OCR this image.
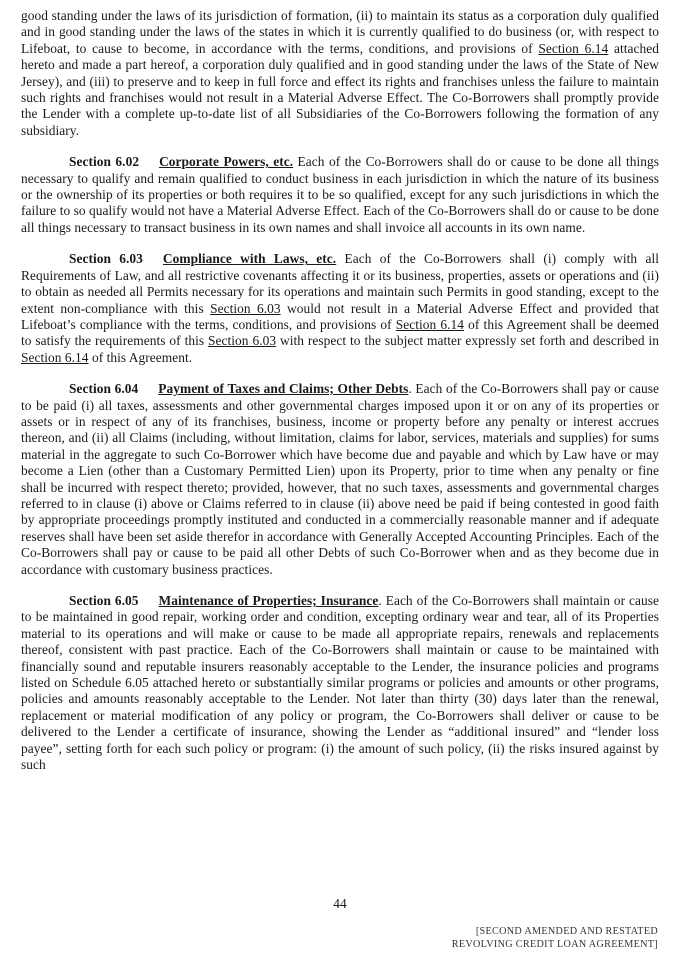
good standing under the laws of its jurisdiction of formation, (ii) to maintain its status as a corporation duly qualified and in good standing under the laws of the states in which it is currently qualified to do business (or, with respect to Lifeboat, to cause to become, in accordance with the terms, conditions, and provisions of Section 6.14 attached hereto and made a part hereof, a corporation duly qualified and in good standing under the laws of the State of New Jersey), and (iii) to preserve and to keep in full force and effect its rights and franchises unless the failure to maintain such rights and franchises would not result in a Material Adverse Effect. The Co-Borrowers shall promptly provide the Lender with a complete up-to-date list of all Subsidiaries of the Co-Borrowers following the formation of any subsidiary.

Section 6.02 Corporate Powers, etc. Each of the Co-Borrowers shall do or cause to be done all things necessary to qualify and remain qualified to conduct business in each jurisdiction in which the nature of its business or the ownership of its properties or both requires it to be so qualified, except for any such jurisdictions in which the failure to so qualify would not have a Material Adverse Effect. Each of the Co-Borrowers shall do or cause to be done all things necessary to transact business in its own names and shall invoice all accounts in its own name.

Section 6.03 Compliance with Laws, etc. Each of the Co-Borrowers shall (i) comply with all Requirements of Law, and all restrictive covenants affecting it or its business, properties, assets or operations and (ii) to obtain as needed all Permits necessary for its operations and maintain such Permits in good standing, except to the extent non-compliance with this Section 6.03 would not result in a Material Adverse Effect and provided that Lifeboat’s compliance with the terms, conditions, and provisions of Section 6.14 of this Agreement shall be deemed to satisfy the requirements of this Section 6.03 with respect to the subject matter expressly set forth and described in Section 6.14 of this Agreement.

Section 6.04 Payment of Taxes and Claims; Other Debts. Each of the Co-Borrowers shall pay or cause to be paid (i) all taxes, assessments and other governmental charges imposed upon it or on any of its properties or assets or in respect of any of its franchises, business, income or property before any penalty or interest accrues thereon, and (ii) all Claims (including, without limitation, claims for labor, services, materials and supplies) for sums material in the aggregate to such Co-Borrower which have become due and payable and which by Law have or may become a Lien (other than a Customary Permitted Lien) upon its Property, prior to time when any penalty or fine shall be incurred with respect thereto; provided, however, that no such taxes, assessments and governmental charges referred to in clause (i) above or Claims referred to in clause (ii) above need be paid if being contested in good faith by appropriate proceedings promptly instituted and conducted in a commercially reasonable manner and if adequate reserves shall have been set aside therefor in accordance with Generally Accepted Accounting Principles. Each of the Co-Borrowers shall pay or cause to be paid all other Debts of such Co-Borrower when and as they become due in accordance with customary business practices.

Section 6.05 Maintenance of Properties; Insurance. Each of the Co-Borrowers shall maintain or cause to be maintained in good repair, working order and condition, excepting ordinary wear and tear, all of its Properties material to its operations and will make or cause to be made all appropriate repairs, renewals and replacements thereof, consistent with past practice. Each of the Co-Borrowers shall maintain or cause to be maintained with financially sound and reputable insurers reasonably acceptable to the Lender, the insurance policies and programs listed on Schedule 6.05 attached hereto or substantially similar programs or policies and amounts or other programs, policies and amounts reasonably acceptable to the Lender. Not later than thirty (30) days later than the renewal, replacement or material modification of any policy or program, the Co-Borrowers shall deliver or cause to be delivered to the Lender a certificate of insurance, showing the Lender as “additional insured” and “lender loss payee”, setting forth for each such policy or program: (i) the amount of such policy, (ii) the risks insured against by such

44
[SECOND AMENDED AND RESTATED
REVOLVING CREDIT LOAN AGREEMENT]
